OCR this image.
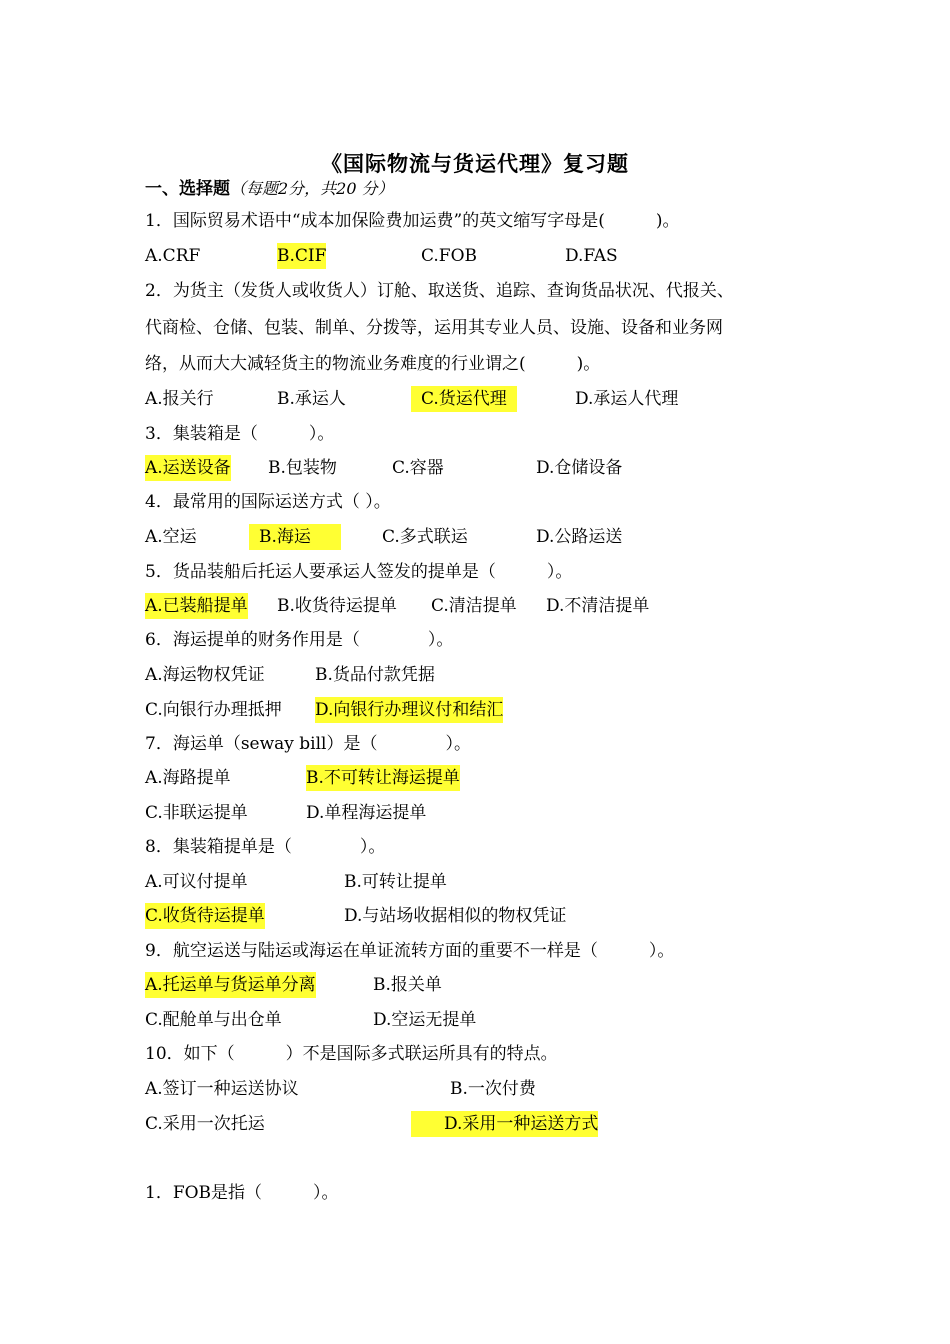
《国际物流与货运代理》复习题
一、选择题（每题2分，共20 分）
1．国际贸易术语中“成本加保险费加运费”的英文缩写字母是(　　　)。
A.CRF	B.CIF	C.FOB	D.FAS
2．为货主（发货人或收货人）订舱、取送货、追踪、查询货品状况、代报关、
代商检、仓储、包装、制单、分拨等，运用其专业人员、设施、设备和业务网
络，从而大大减轻货主的物流业务难度的行业谓之(　　　)。
A.报关行	B.承运人	C.货运代理	D.承运人代理
3．集装箱是（　　　）。
A.运送设备 B.包装物	C.容器	D.仓储设备
4．最常用的国际运送方式（ ）。
A.空运	B.海运	C.多式联运	D.公路运送
5．货品装船后托运人要承运人签发的提单是（　　　）。
A.已装船提单 B.收货待运提单 C.清洁提单 D.不清洁提单
6．海运提单的财务作用是（　　　　）。
A.海运物权凭证	B.货品付款凭据
C.向银行办理抵押 D.向银行办理议付和结汇
7．海运单（seway bill）是（　　　　）。
A.海路提单	B.不可转让海运提单
C.非联运提单	D.单程海运提单
8．集装箱提单是（　　　　）。
A.可议付提单	B.可转让提单
C.收货待运提单	D.与站场收据相似的物权凭证
9．航空运送与陆运或海运在单证流转方面的重要不一样是（　　　）。
A.托运单与货运单分离	B.报关单
C.配舱单与出仓单	D.空运无提单
10．如下（　　　）不是国际多式联运所具有的特点。
A.签订一种运送协议	B.一次付费
C.采用一次托运	D.采用一种运送方式
1．FOB是指（　　　）。
